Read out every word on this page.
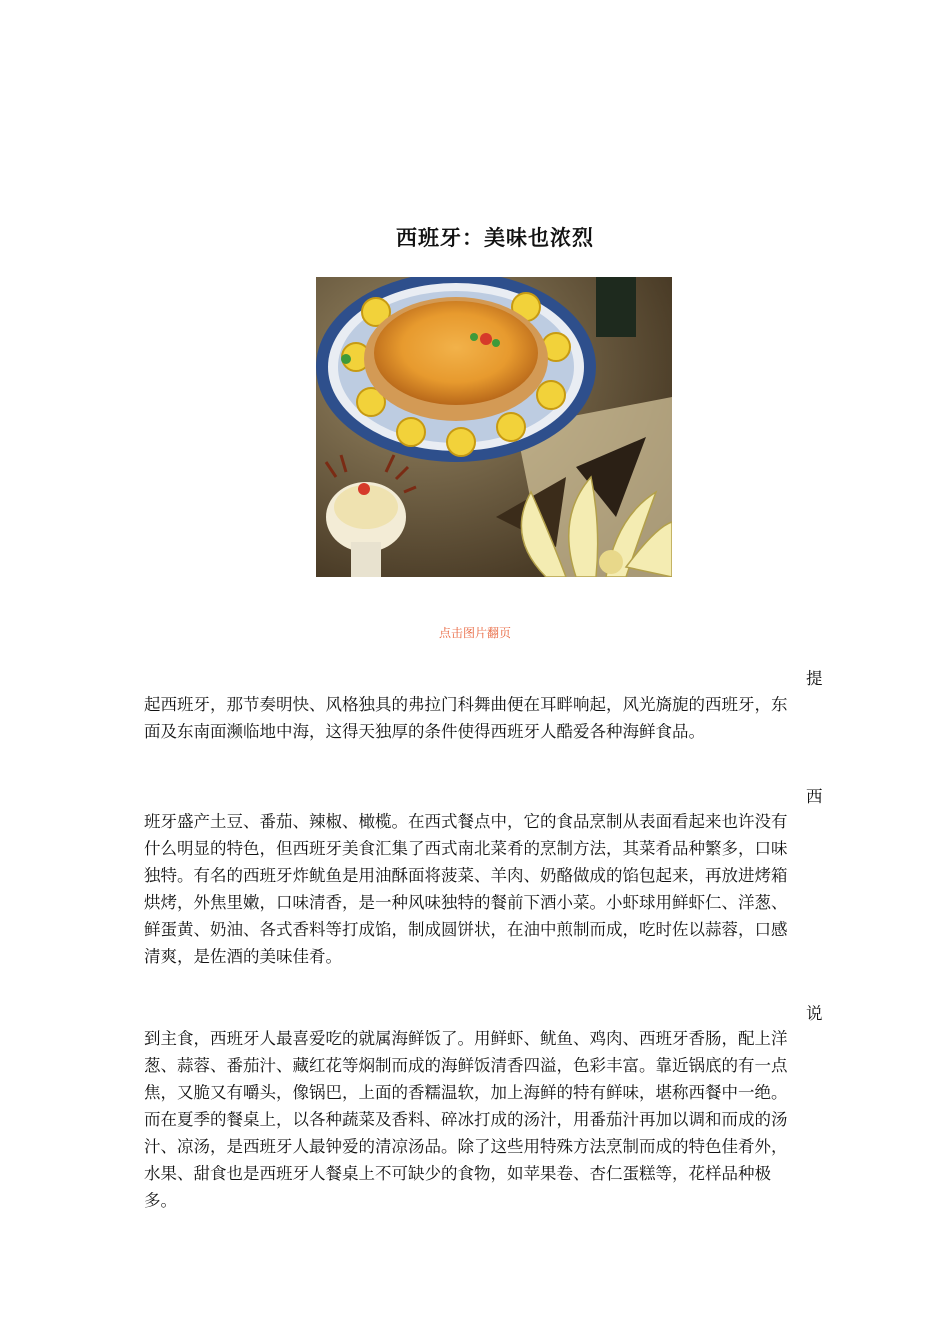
西班牙：美味也浓烈
点击图片翻页
提
起西班牙，那节奏明快、风格独具的弗拉门科舞曲便在耳畔响起，风光旖旎的西班牙，东面及东南面濒临地中海，这得天独厚的条件使得西班牙人酷爱各种海鲜食品。
西
班牙盛产土豆、番茄、辣椒、橄榄。在西式餐点中，它的食品烹制从表面看起来也许没有什么明显的特色，但西班牙美食汇集了西式南北菜肴的烹制方法，其菜肴品种繁多，口味独特。有名的西班牙炸鱿鱼是用油酥面将菠菜、羊肉、奶酪做成的馅包起来，再放进烤箱烘烤，外焦里嫩，口味清香，是一种风味独特的餐前下酒小菜。小虾球用鲜虾仁、洋葱、鲜蛋黄、奶油、各式香料等打成馅，制成圆饼状，在油中煎制而成，吃时佐以蒜蓉，口感清爽，是佐酒的美味佳肴。
说
到主食，西班牙人最喜爱吃的就属海鲜饭了。用鲜虾、鱿鱼、鸡肉、西班牙香肠，配上洋葱、蒜蓉、番茄汁、藏红花等焖制而成的海鲜饭清香四溢，色彩丰富。靠近锅底的有一点焦，又脆又有嚼头，像锅巴，上面的香糯温软，加上海鲜的特有鲜味，堪称西餐中一绝。而在夏季的餐桌上，以各种蔬菜及香料、碎冰打成的汤汁，用番茄汁再加以调和而成的汤汁、凉汤，是西班牙人最钟爱的清凉汤品。除了这些用特殊方法烹制而成的特色佳肴外，水果、甜食也是西班牙人餐桌上不可缺少的食物，如苹果卷、杏仁蛋糕等，花样品种极多。
